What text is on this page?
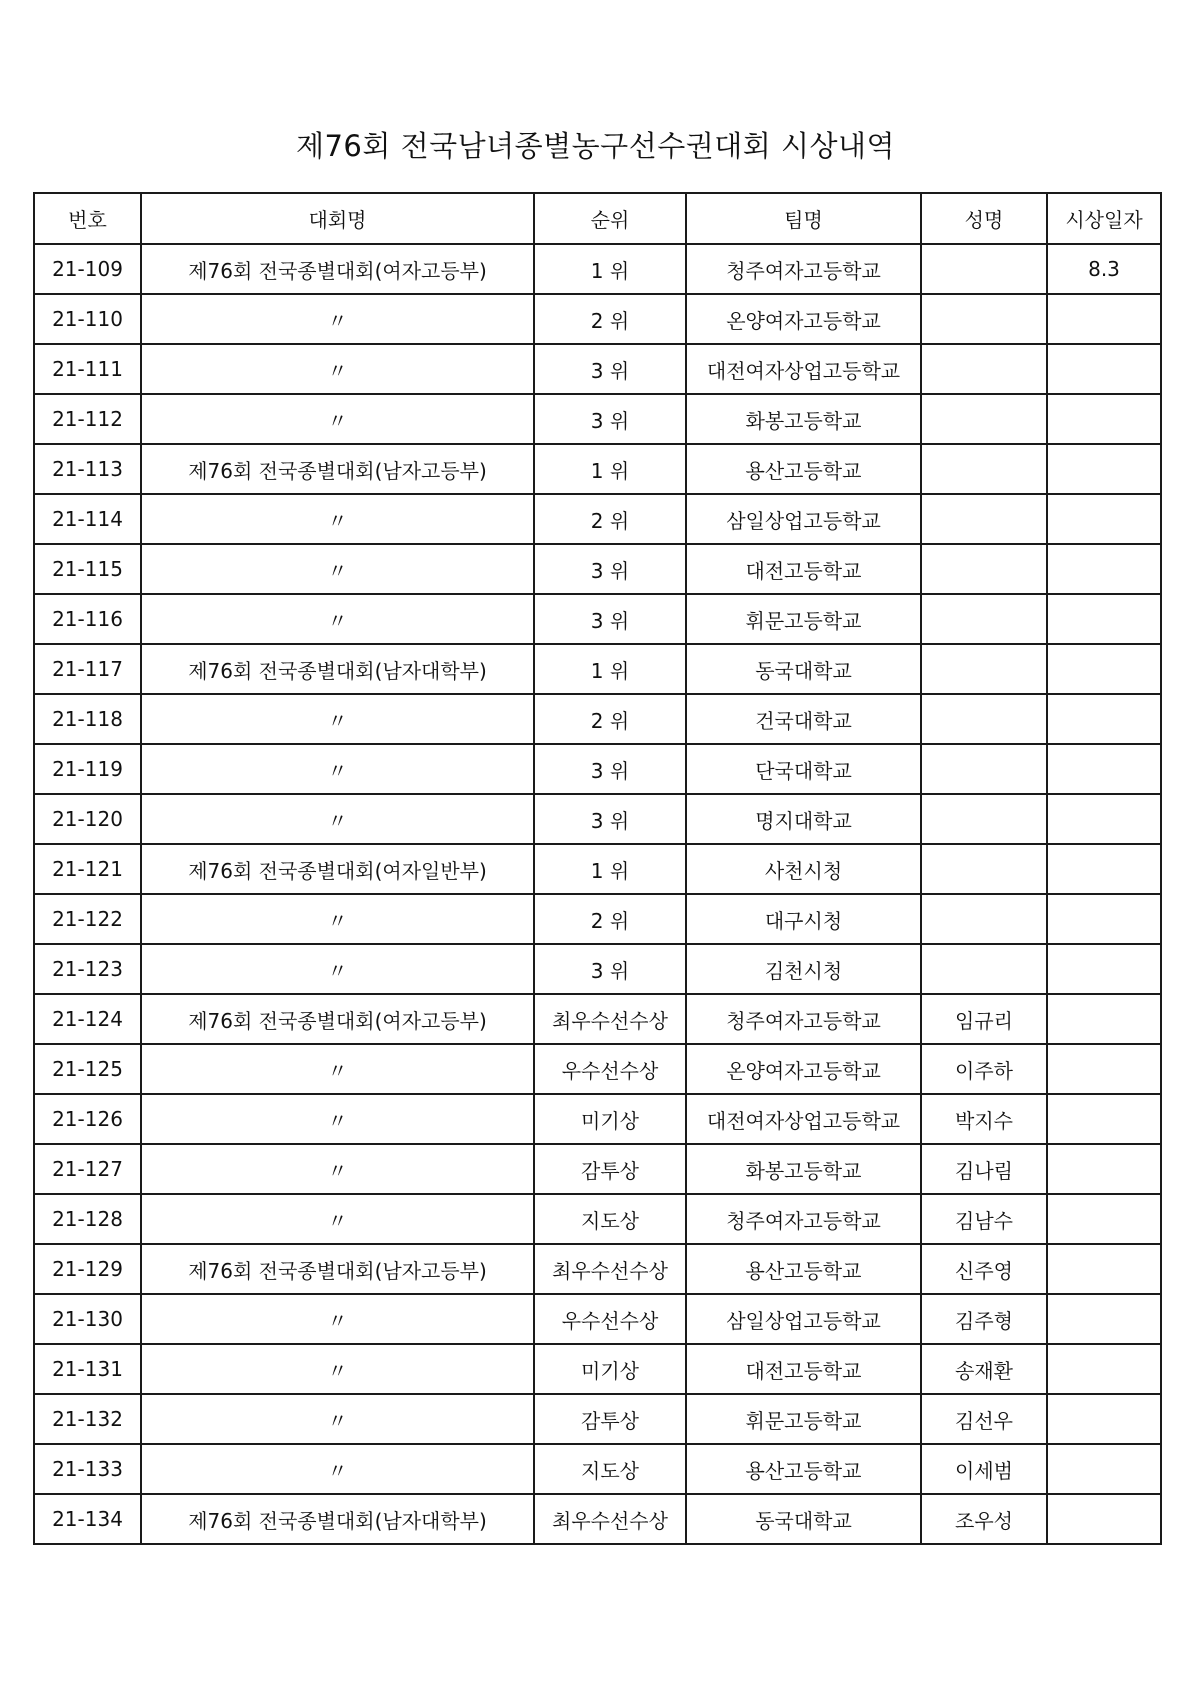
제76회 전국남녀종별농구선수권대회 시상내역
번호	대회명	순위	팀명	성명	시상일자
21-109	제76회 전국종별대회(여자고등부)	1 위	청주여자고등학교		8.3
21-110	〃	2 위	온양여자고등학교		
21-111	〃	3 위	대전여자상업고등학교		
21-112	〃	3 위	화봉고등학교		
21-113	제76회 전국종별대회(남자고등부)	1 위	용산고등학교		
21-114	〃	2 위	삼일상업고등학교		
21-115	〃	3 위	대전고등학교		
21-116	〃	3 위	휘문고등학교		
21-117	제76회 전국종별대회(남자대학부)	1 위	동국대학교		
21-118	〃	2 위	건국대학교		
21-119	〃	3 위	단국대학교		
21-120	〃	3 위	명지대학교		
21-121	제76회 전국종별대회(여자일반부)	1 위	사천시청		
21-122	〃	2 위	대구시청		
21-123	〃	3 위	김천시청		
21-124	제76회 전국종별대회(여자고등부)	최우수선수상	청주여자고등학교	임규리	
21-125	〃	우수선수상	온양여자고등학교	이주하	
21-126	〃	미기상	대전여자상업고등학교	박지수	
21-127	〃	감투상	화봉고등학교	김나림	
21-128	〃	지도상	청주여자고등학교	김남수	
21-129	제76회 전국종별대회(남자고등부)	최우수선수상	용산고등학교	신주영	
21-130	〃	우수선수상	삼일상업고등학교	김주형	
21-131	〃	미기상	대전고등학교	송재환	
21-132	〃	감투상	휘문고등학교	김선우	
21-133	〃	지도상	용산고등학교	이세범	
21-134	제76회 전국종별대회(남자대학부)	최우수선수상	동국대학교	조우성	
